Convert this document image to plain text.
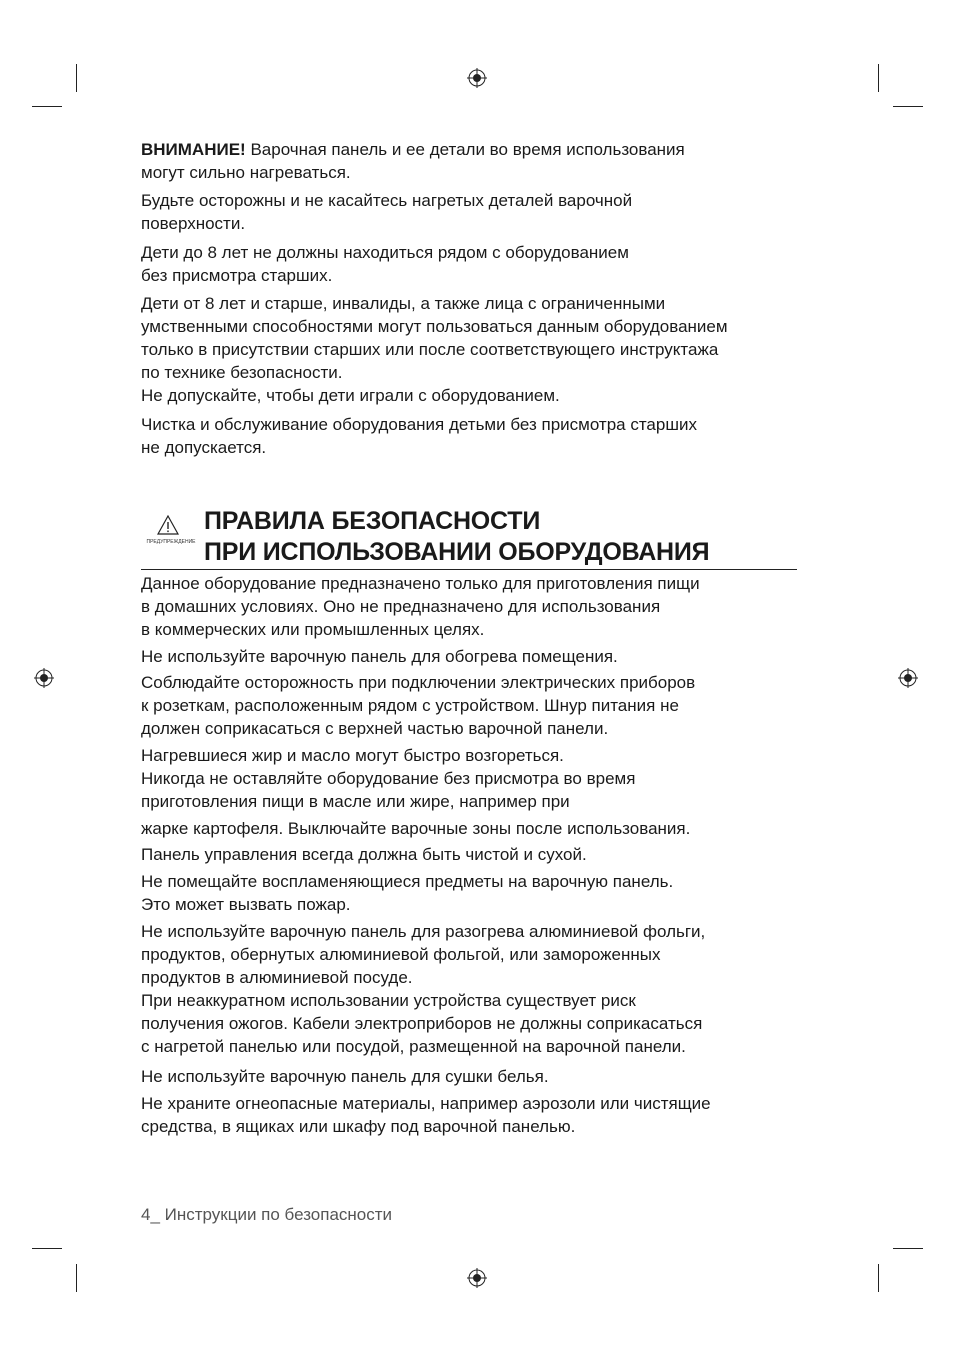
ВНИМАНИЕ! Варочная панель и ее детали во время использования
могут сильно нагреваться.

Будьте осторожны и не касайтесь нагретых деталей варочной
поверхности.

Дети до 8 лет не должны находиться рядом с оборудованием
без присмотра старших.

Дети от 8 лет и старше, инвалиды, а также лица с ограниченными
умственными способностями могут пользоваться данным оборудованием
только в присутствии старших или после соответствующего инструктажа
по технике безопасности.
Не допускайте, чтобы дети играли с оборудованием.

Чистка и обслуживание оборудования детьми без присмотра старших
не допускается.

ПРЕДУПРЕЖДЕНИЕ
ПРАВИЛА БЕЗОПАСНОСТИ
ПРИ ИСПОЛЬЗОВАНИИ ОБОРУДОВАНИЯ

Данное оборудование предназначено только для приготовления пищи
в домашних условиях. Оно не предназначено для использования
в коммерческих или промышленных целях.

Не используйте варочную панель для обогрева помещения.

Соблюдайте осторожность при подключении электрических приборов
к розеткам, расположенным рядом с устройством. Шнур питания не
должен соприкасаться с верхней частью варочной панели.

Нагревшиеся жир и масло могут быстро возгореться.
Никогда не оставляйте оборудование без присмотра во время
приготовления пищи в масле или жире, например при

жарке картофеля. Выключайте варочные зоны после использования.

Панель управления всегда должна быть чистой и сухой.

Не помещайте воспламеняющиеся предметы на варочную панель.
Это может вызвать пожар.

Не используйте варочную панель для разогрева алюминиевой фольги,
продуктов, обернутых алюминиевой фольгой, или замороженных
продуктов в алюминиевой посуде.
При неаккуратном использовании устройства существует риск
получения ожогов. Кабели электроприборов не должны соприкасаться
с нагретой панелью или посудой, размещенной на варочной панели.

Не используйте варочную панель для сушки белья.

Не храните огнеопасные материалы, например аэрозоли или чистящие
средства, в ящиках или шкафу под варочной панелью.

4_ Инструкции по безопасности
